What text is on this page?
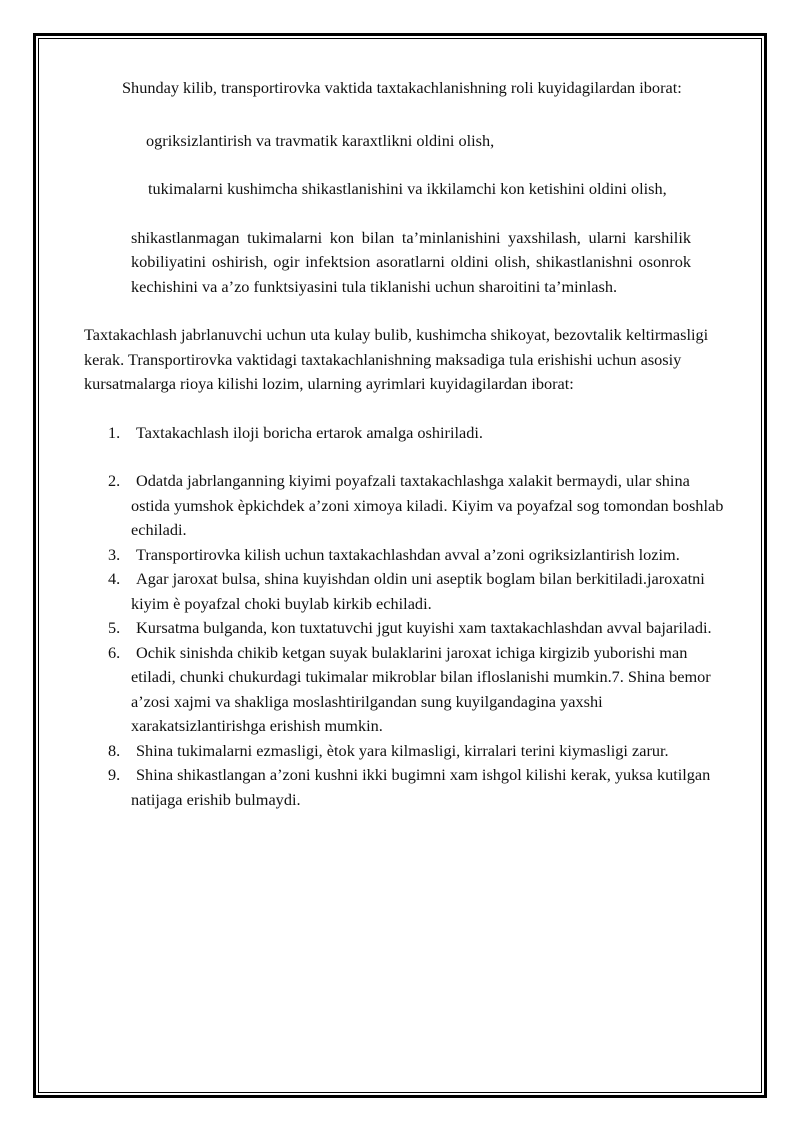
Shunday kilib, transportirovka vaktida taxtakachlanishning roli kuyidagilardan iborat:

ogriksizlantirish va travmatik karaxtlikni oldini olish,

tukimalarni kushimcha shikastlanishini va ikkilamchi kon ketishini oldini olish,

shikastlanmagan tukimalarni kon bilan ta’minlanishini yaxshilash, ularni karshilik kobiliyatini oshirish, ogir infektsion asoratlarni oldini olish, shikastlanishni osonrok kechishini va a’zo funktsiyasini tula tiklanishi uchun sharoitini ta’minlash.

Taxtakachlash jabrlanuvchi uchun uta kulay bulib, kushimcha shikoyat, bezovtalik keltirmasligi kerak. Transportirovka vaktidagi taxtakachlanishning maksadiga tula erishishi uchun asosiy kursatmalarga rioya kilishi lozim, ularning ayrimlari kuyidagilardan iborat:

1. Taxtakachlash iloji boricha ertarok amalga oshiriladi.
2. Odatda jabrlanganning kiyimi poyafzali taxtakachlashga xalakit bermaydi, ular shina ostida yumshok èpkichdek a’zoni ximoya kiladi. Kiyim va poyafzal sog tomondan boshlab echiladi.
3. Transportirovka kilish uchun taxtakachlashdan avval a’zoni ogriksizlantirish lozim.
4. Agar jaroxat bulsa, shina kuyishdan oldin uni aseptik boglam bilan berkitiladi.jaroxatni kiyim è poyafzal choki buylab kirkib echiladi.
5. Kursatma bulganda, kon tuxtatuvchi jgut kuyishi xam taxtakachlashdan avval bajariladi.
6. Ochik sinishda chikib ketgan suyak bulaklarini jaroxat ichiga kirgizib yuborishi man etiladi, chunki chukurdagi tukimalar mikroblar bilan ifloslanishi mumkin.7. Shina bemor a’zosi xajmi va shakliga moslashtirilgandan sung kuyilgandagina yaxshi xarakatsizlantirishga erishish mumkin.
8. Shina tukimalarni ezmasligi, ètok yara kilmasligi, kirralari terini kiymasligi zarur.
9. Shina shikastlangan a’zoni kushni ikki bugimni xam ishgol kilishi kerak, yuksa kutilgan natijaga erishib bulmaydi.
